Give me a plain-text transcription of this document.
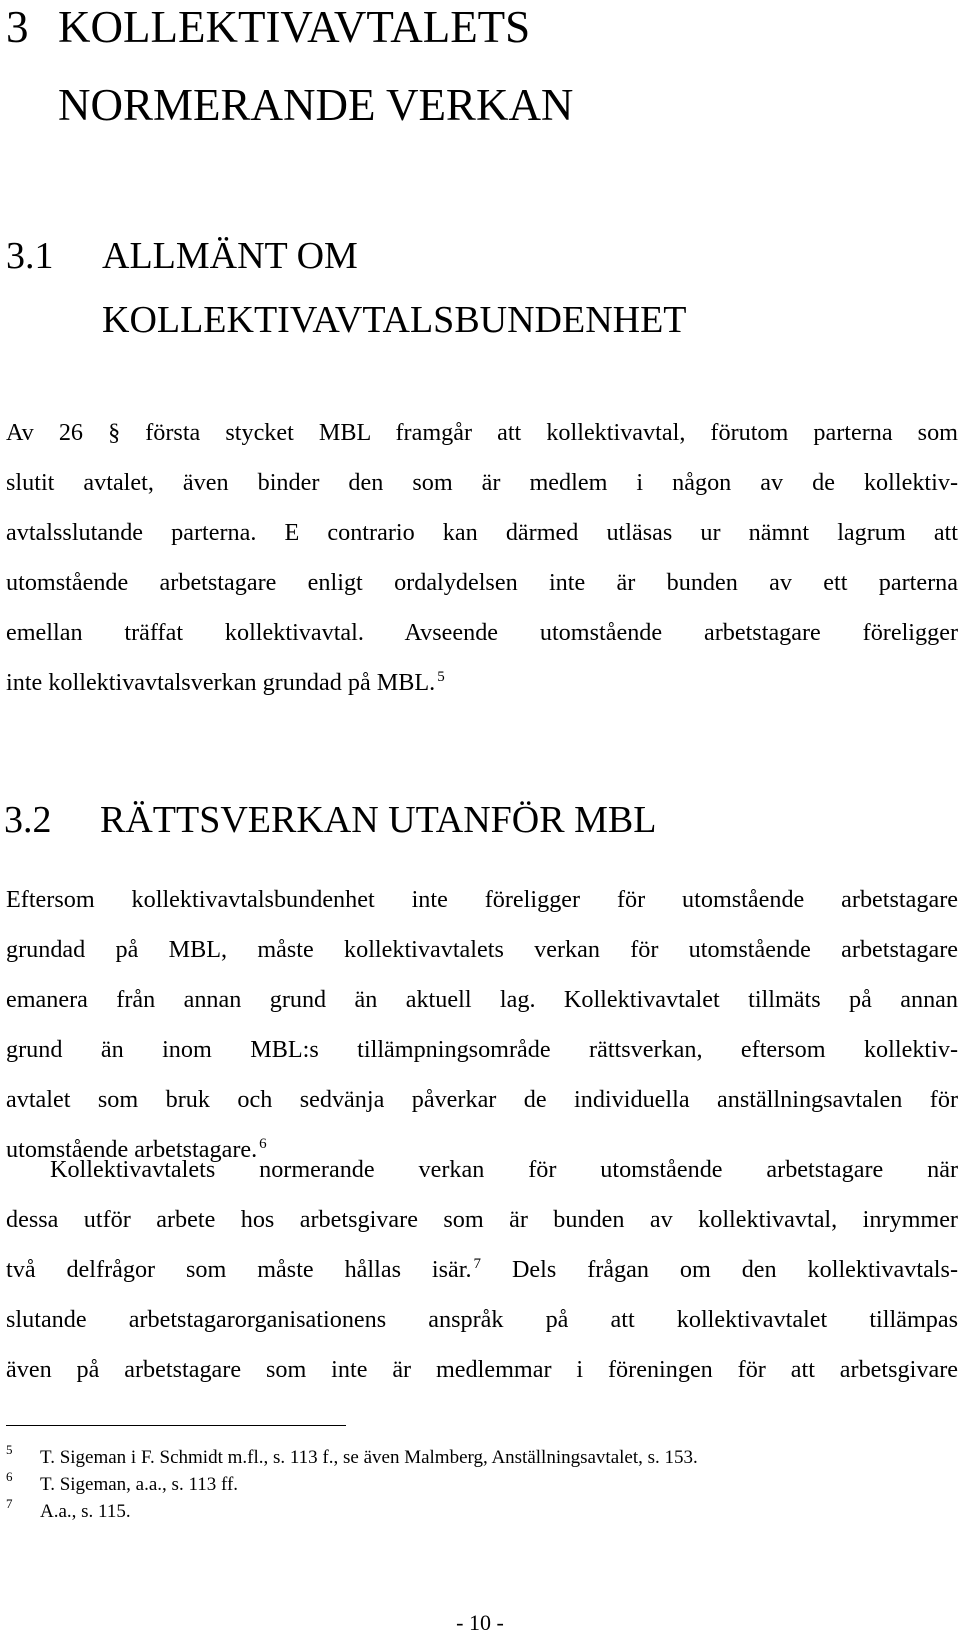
3 KOLLEKTIVAVTALETS
NORMERANDE VERKAN
3.1 ALLMÄNT OM
KOLLEKTIVAVTALSBUNDENHET
Av 26 § första stycket MBL framgår att kollektivavtal, förutom parterna som
slutit avtalet, även binder den som är medlem i någon av de kollektiv-
avtalsslutande parterna. E contrario kan därmed utläsas ur nämnt lagrum att
utomstående arbetstagare enligt ordalydelsen inte är bunden av ett parterna
emellan träffat kollektivavtal. Avseende utomstående arbetstagare föreligger
inte kollektivavtalsverkan grundad på MBL. $^5$
3.2 RÄTTSVERKAN UTANFÖR MBL
Eftersom kollektivavtalsbundenhet inte föreligger för utomstående arbetstagare
grundad på MBL, måste kollektivavtalets verkan för utomstående arbetstagare
emanera från annan grund än aktuell lag. Kollektivavtalet tillmäts på annan
grund än inom MBL:s tillämpningsområde rättsverkan, eftersom kollektiv-
avtalet som bruk och sedvänja påverkar de individuella anställningsavtalen för
utomstående arbetstagare. $^6$
Kollektivavtalets normerande verkan för utomstående arbetstagare när
dessa utför arbete hos arbetsgivare som är bunden av kollektivavtal, inrymmer
två delfrågor som måste hållas isär. $^7$ Dels frågan om den kollektivavtals-
slutande arbetstagarorganisationens anspråk på att kollektivavtalet tillämpas
även på arbetstagare som inte är medlemmar i föreningen för att arbetsgivare
5 T. Sigeman i F. Schmidt m.fl., s. 113 f., se även Malmberg, Anställningsavtalet, s. 153.
6 T. Sigeman, a.a., s. 113 ff.
7 A.a., s. 115.
- 10 -
